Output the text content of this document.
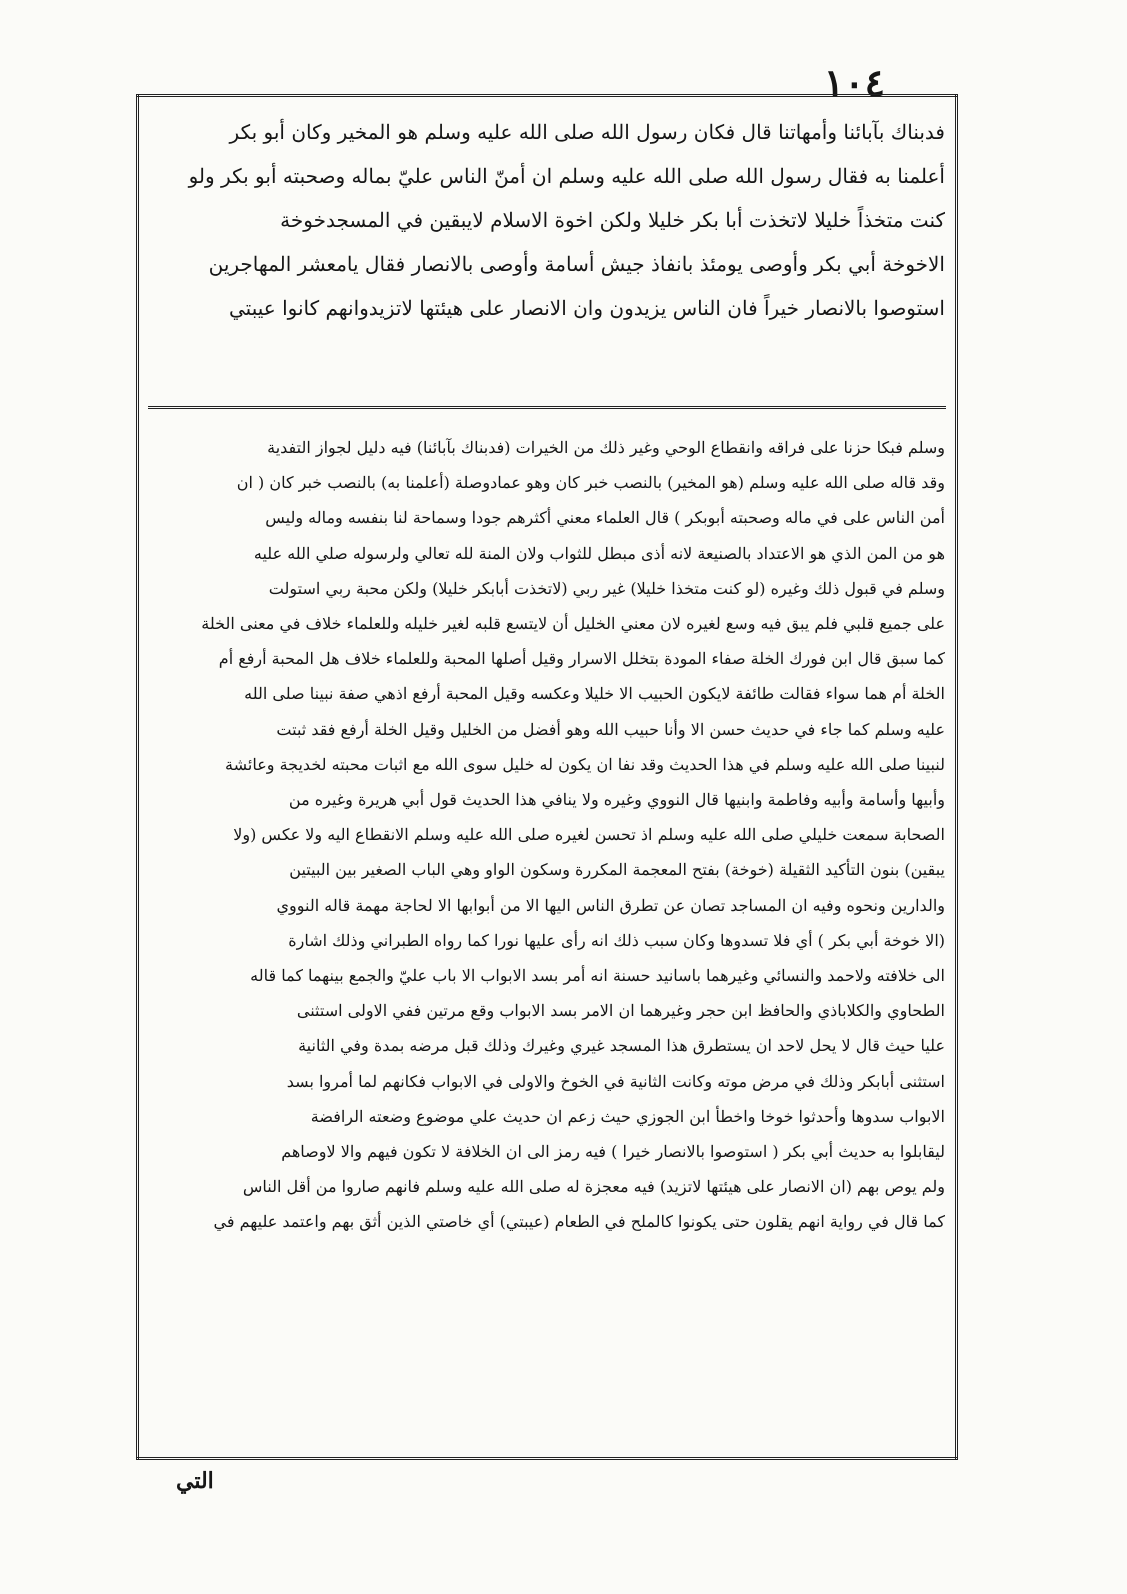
١٠٤
فدبناك بآبائنا وأمهاتنا قال فكان رسول الله صلى الله عليه وسلم هو المخير وكان أبو بكر
أعلمنا به فقال رسول الله صلى الله عليه وسلم ان أمنّ الناس عليّ بماله وصحبته أبو بكر ولو
كنت متخذاً خليلا لاتخذت أبا بكر خليلا ولكن اخوة الاسلام لايبقين في المسجدخوخة
الاخوخة أبي بكر وأوصى يومئذ بانفاذ جيش أسامة وأوصى بالانصار فقال يامعشر المهاجرين
استوصوا بالانصار خيراً فان الناس يزيدون وان الانصار على هيئتها لاتزيدوانهم كانوا عيبتي
وسلم فبكا حزنا على فراقه وانقطاع الوحي وغير ذلك من الخيرات (فدبناك بآبائنا) فيه دليل لجواز التفدية
وقد قاله صلى الله عليه وسلم (هو المخير) بالنصب خبر كان وهو عمادوصلة (أعلمنا به) بالنصب خبر كان ( ان
أمن الناس على في ماله وصحبته أبوبكر ) قال العلماء معني أكثرهم جودا وسماحة لنا بنفسه وماله وليس
هو من المن الذي هو الاعتداد بالصنيعة لانه أذى مبطل للثواب ولان المنة لله تعالي ولرسوله صلي الله عليه
وسلم في قبول ذلك وغيره (لو كنت متخذا خليلا) غير ربي (لاتخذت أبابكر خليلا) ولكن محبة ربي استولت
على جميع قلبي فلم يبق فيه وسع لغيره لان معني الخليل أن لايتسع قلبه لغير خليله وللعلماء خلاف في معنى الخلة
كما سبق قال ابن فورك الخلة صفاء المودة بتخلل الاسرار وقيل أصلها المحبة وللعلماء خلاف هل المحبة أرفع أم
الخلة أم هما سواء فقالت طائفة لايكون الحبيب الا خليلا وعكسه وقيل المحبة أرفع اذهي صفة نبينا صلى الله
عليه وسلم كما جاء في حديث حسن الا وأنا حبيب الله وهو أفضل من الخليل وقيل الخلة أرفع فقد ثبتت
لنبينا صلى الله عليه وسلم في هذا الحديث وقد نفا ان يكون له خليل سوى الله مع اثبات محبته لخديجة وعائشة
وأبيها وأسامة وأبيه وفاطمة وابنيها قال النووي وغيره ولا ينافي هذا الحديث قول أبي هريرة وغيره من
الصحابة سمعت خليلي صلى الله عليه وسلم اذ تحسن لغيره صلى الله عليه وسلم الانقطاع اليه ولا عكس (ولا
يبقين) بنون التأكيد الثقيلة (خوخة) بفتح المعجمة المكررة وسكون الواو وهي الباب الصغير بين البيتين
والدارين ونحوه وفيه ان المساجد تصان عن تطرق الناس اليها الا من أبوابها الا لحاجة مهمة قاله النووي
(الا خوخة أبي بكر ) أي فلا تسدوها وكان سبب ذلك انه رأى عليها نورا كما رواه الطبراني وذلك اشارة
الى خلافته ولاحمد والنسائي وغيرهما باسانيد حسنة انه أمر بسد الابواب الا باب عليّ والجمع بينهما كما قاله
الطحاوي والكلاباذي والحافظ ابن حجر وغيرهما ان الامر بسد الابواب وقع مرتين ففي الاولى استثنى
عليا حيث قال لا يحل لاحد ان يستطرق هذا المسجد غيري وغيرك وذلك قبل مرضه بمدة وفي الثانية
استثنى أبابكر وذلك في مرض موته وكانت الثانية في الخوخ والاولى في الابواب فكانهم لما أمروا بسد
الابواب سدوها وأحدثوا خوخا واخطأ ابن الجوزي حيث زعم ان حديث علي موضوع وضعته الرافضة
ليقابلوا به حديث أبي بكر ( استوصوا بالانصار خيرا ) فيه رمز الى ان الخلافة لا تكون فيهم والا لاوصاهم
ولم يوص بهم (ان الانصار على هيئتها لاتزيد) فيه معجزة له صلى الله عليه وسلم فانهم صاروا من أقل الناس
كما قال في رواية انهم يقلون حتى يكونوا كالملح في الطعام (عيبتي) أي خاصتي الذين أثق بهم واعتمد عليهم في
التي
